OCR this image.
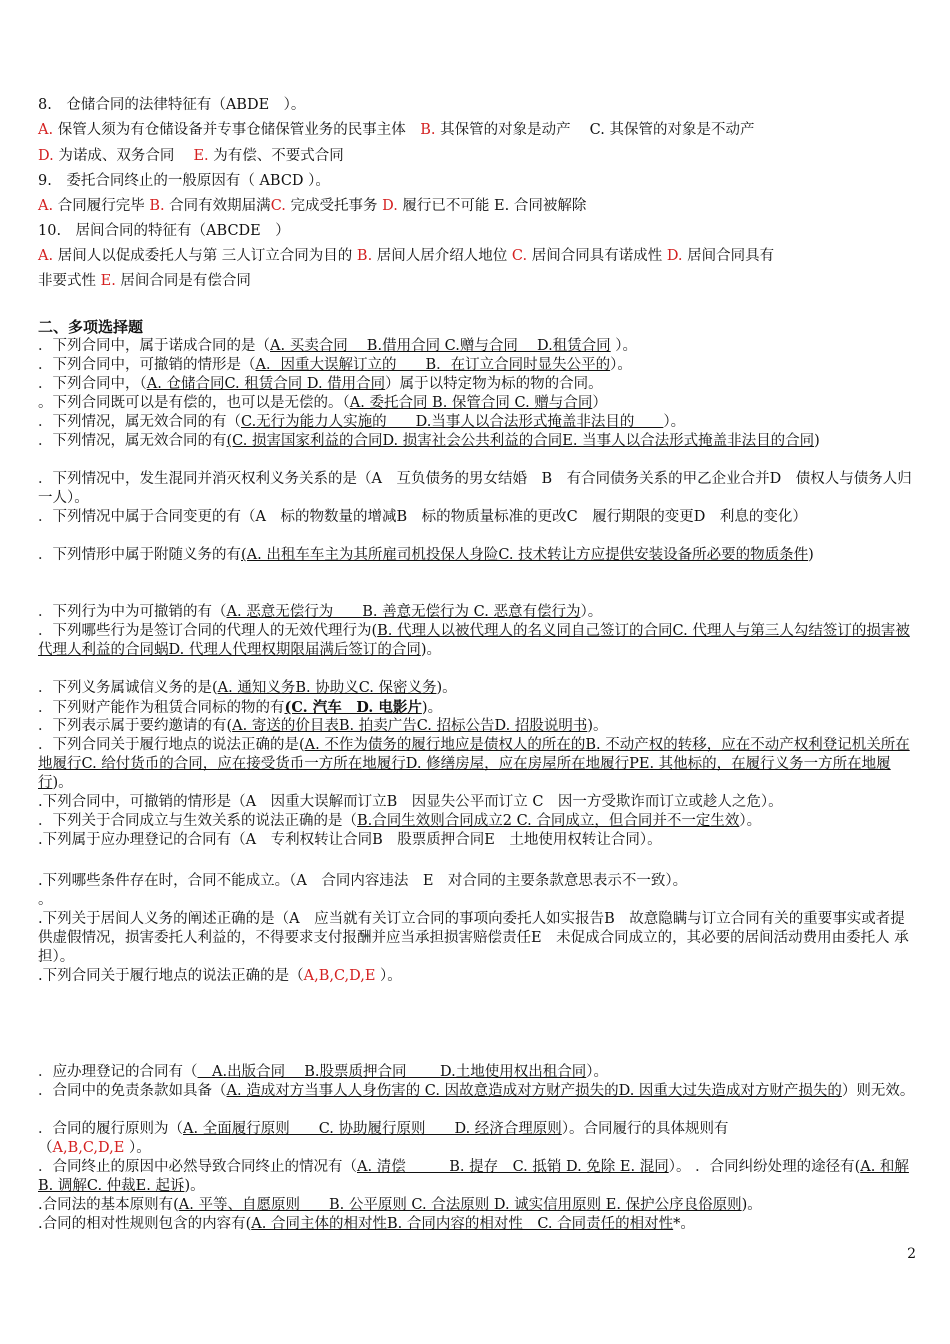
8.　仓储合同的法律特征有（ABDE　）。
A. 保管人须为有仓储设备并专事仓储保管业务的民事主体　B. 其保管的对象是动产　 C. 其保管的对象是不动产
D. 为诺成、双务合同　 E. 为有偿、不要式合同
9.　委托合同终止的一般原因有（ ABCD ）。
A. 合同履行完毕 B. 合同有效期届满C. 完成受托事务 D. 履行已不可能 E. 合同被解除
10.　居间合同的特征有（ABCDE　）
A. 居间人以促成委托人与第 三人订立合同为目的 B. 居间人居介绍人地位 C. 居间合同具有诺成性 D. 居间合同具有
非要式性 E. 居间合同是有偿合同
二、多项选择题
．下列合同中，属于诺成合同的是（A. 买卖合同　 B.借用合同 C.赠与合同　 D.租赁合同 ）。
．下列合同中，可撤销的情形是（A．因重大误解订立的　　B．在订立合同时显失公平的）。
．下列合同中，（A. 仓储合同C. 租赁合同 D. 借用合同）属于以特定物为标的物的合同。
。下列合同既可以是有偿的，也可以是无偿的。（A. 委托合同 B. 保管合同 C. 赠与合同）
．下列情况，属无效合同的有（C.无行为能力人实施的　　D.当事人以合法形式掩盖非法目的　　）。
．下列情况，属无效合同的有(C. 损害国家利益的合同D. 损害社会公共利益的合同E. 当事人以合法形式掩盖非法目的合同)
．下列情况中，发生混同并消灭权利义务关系的是（A　互负债务的男女结婚　B　有合同债务关系的甲乙企业合并D　债权人与债务人归一人）。
．下列情况中属于合同变更的有（A　标的物数量的增减B　标的物质量标准的更改C　履行期限的变更D　利息的变化）
．下列情形中属于附随义务的有(A. 出租车车主为其所雇司机投保人身险C. 技术转让方应提供安装设备所必要的物质条件)
．下列行为中为可撤销的有（A. 恶意无偿行为　　B. 善意无偿行为 C. 恶意有偿行为）。
．下列哪些行为是签订合同的代理人的无效代理行为(B. 代理人以被代理人的名义同自己签订的合同C. 代理人与第三人勾结签订的损害被代理人利益的合同蜗D. 代理人代理权期限届满后签订的合同)。
．下列义务属诚信义务的是(A. 通知义务B. 协助义C. 保密义务)。
．下列财产能作为租赁合同标的物的有(C. 汽车　D. 电影片)。
．下列表示属于要约邀请的有(A. 寄送的价目表B. 拍卖广告C. 招标公告D. 招股说明书)。
．下列合同关于履行地点的说法正确的是(A. 不作为债务的履行地应是债权人的所在的B. 不动产权的转移，应在不动产权利登记机关所在地履行C. 给付货币的合同，应在接受货币一方所在地履行D. 修缮房屋，应在房屋所在地履行PE. 其他标的，在履行义务一方所在地履行)。
.下列合同中，可撤销的情形是（A　因重大误解而订立B　因显失公平而订立 C　因一方受欺诈而订立或趁人之危）。
．下列关于合同成立与生效关系的说法正确的是（B.合同生效则合同成立2 C. 合同成立，但合同并不一定生效）。
.下列属于应办理登记的合同有（A　专利权转让合同B　股票质押合同E　土地使用权转让合同）。
.下列哪些条件存在时，合同不能成立。（A　合同内容违法　E　对合同的主要条款意思表示不一致）。
。
.下列关于居间人义务的阐述正确的是（A　应当就有关订立合同的事项向委托人如实报告B　故意隐瞒与订立合同有关的重要事实或者提供虚假情况，损害委托人利益的，不得要求支付报酬并应当承担损害赔偿责任E　未促成合同成立的，其必要的居间活动费用由委托人 承担）。
.下列合同关于履行地点的说法正确的是（A,B,C,D,E ）。
．应办理登记的合同有（　A.出版合同　 B.股票质押合同　　 D.土地使用权出租合同）。
．合同中的免责条款如具备（A. 造成对方当事人人身伤害的 C. 因故意造成对方财产损失的D. 因重大过失造成对方财产损失的）则无效。
．合同的履行原则为（A. 全面履行原则　　C. 协助履行原则　　D. 经济合理原则）。合同履行的具体规则有
（A,B,C,D,E ）。
．合同终止的原因中必然导致合同终止的情况有（A. 清偿　　　B. 提存　C. 抵销 D. 免除 E. 混同）。 ．合同纠纷处理的途径有(A. 和解 B. 调解C. 仲裁E. 起诉)。
.合同法的基本原则有(A. 平等、自愿原则　　B. 公平原则 C. 合法原则 D. 诚实信用原则 E. 保护公序良俗原则)。
.合同的相对性规则包含的内容有(A. 合同主体的相对性B. 合同内容的相对性　C. 合同责任的相对性*。
2
